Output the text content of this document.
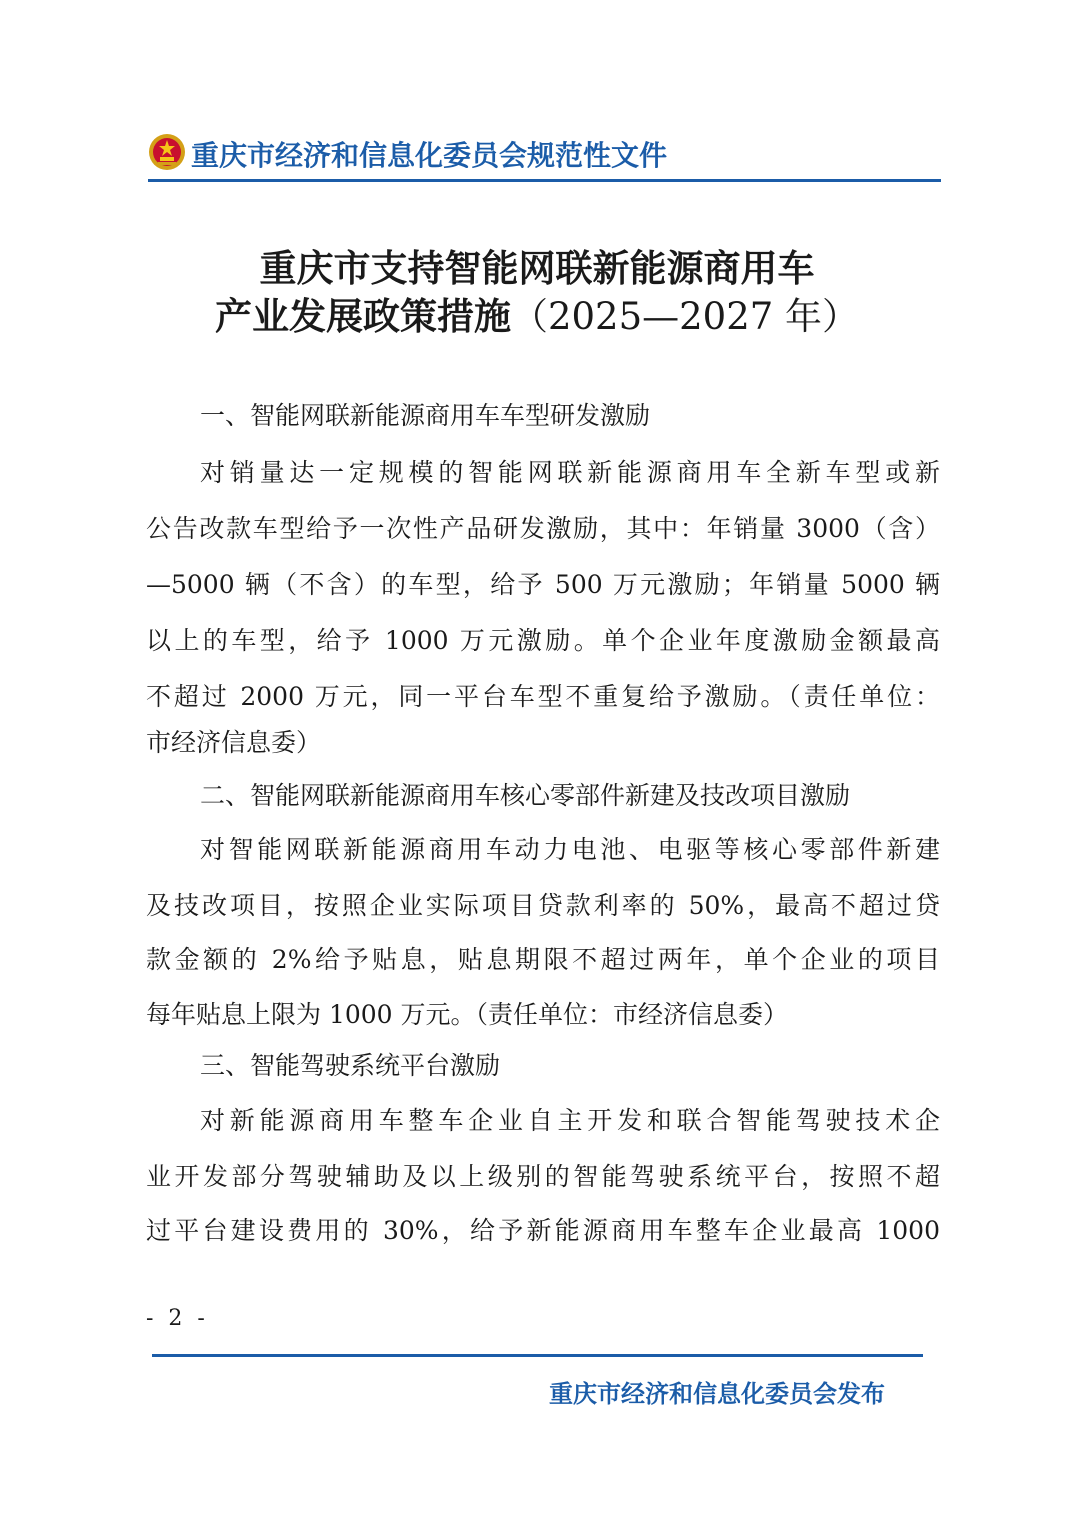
重庆市经济和信息化委员会规范性文件
重庆市支持智能网联新能源商用车
产业发展政策措施（2025—2027 年）
一、智能网联新能源商用车车型研发激励
对销量达一定规模的智能网联新能源商用车全新车型或新
公告改款车型给予一次性产品研发激励，其中：年销量 3000（含）
—5000 辆（不含）的车型，给予 500 万元激励；年销量 5000 辆
以上的车型，给予 1000 万元激励。单个企业年度激励金额最高
不超过 2000 万元，同一平台车型不重复给予激励。（责任单位：
市经济信息委）
二、智能网联新能源商用车核心零部件新建及技改项目激励
对智能网联新能源商用车动力电池、电驱等核心零部件新建
及技改项目，按照企业实际项目贷款利率的 50%，最高不超过贷
款金额的 2%给予贴息，贴息期限不超过两年，单个企业的项目
每年贴息上限为 1000 万元。（责任单位：市经济信息委）
三、智能驾驶系统平台激励
对新能源商用车整车企业自主开发和联合智能驾驶技术企
业开发部分驾驶辅助及以上级别的智能驾驶系统平台，按照不超
过平台建设费用的 30%，给予新能源商用车整车企业最高 1000
- 2 -
重庆市经济和信息化委员会发布
